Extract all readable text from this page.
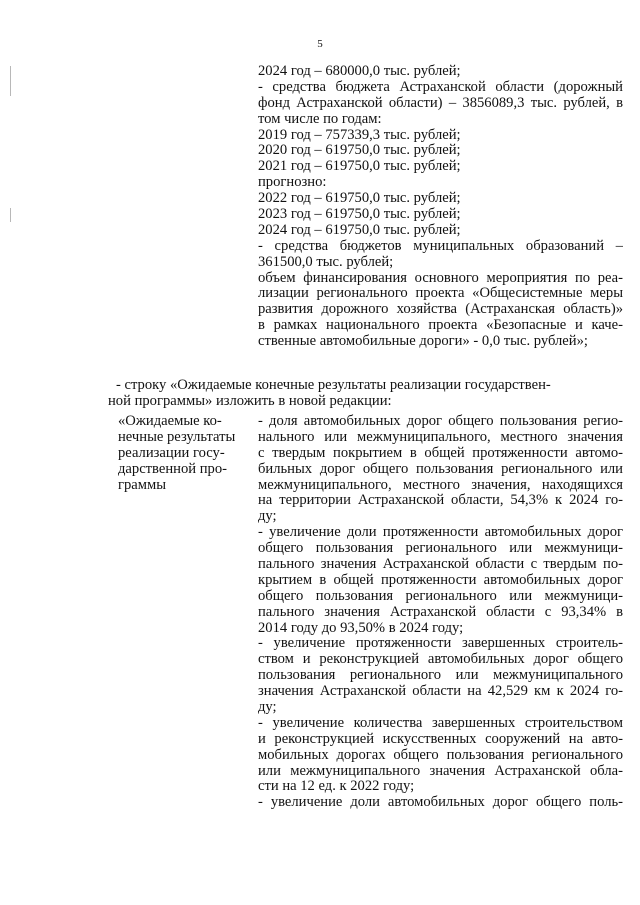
5
2024 год – 680000,0 тыс. рублей;
- средства бюджета Астраханской области (дорожный
фонд Астраханской области) – 3856089,3 тыс. рублей, в
том числе по годам:
2019 год – 757339,3 тыс. рублей;
2020 год – 619750,0 тыс. рублей;
2021 год – 619750,0 тыс. рублей;
прогнозно:
2022 год – 619750,0 тыс. рублей;
2023 год – 619750,0 тыс. рублей;
2024 год – 619750,0 тыс. рублей;
- средства бюджетов муниципальных образований –
361500,0 тыс. рублей;
объем финансирования основного мероприятия по реа-
лизации регионального проекта «Общесистемные меры
развития дорожного хозяйства (Астраханская область)»
в рамках национального проекта «Безопасные и каче-
ственные автомобильные дороги» - 0,0 тыс. рублей»;
- строку «Ожидаемые конечные результаты реализации государствен-
ной программы» изложить в новой редакции:
«Ожидаемые ко-
нечные результаты
реализации госу-
дарственной про-
граммы
- доля автомобильных дорог общего пользования регио-
нального или межмуниципального, местного значения
с твердым покрытием в общей протяженности автомо-
бильных дорог общего пользования регионального или
межмуниципального, местного значения, находящихся
на территории Астраханской области, 54,3% к 2024 го-
ду;
- увеличение доли протяженности автомобильных дорог
общего пользования регионального или межмуници-
пального значения Астраханской области с твердым по-
крытием в общей протяженности автомобильных дорог
общего пользования регионального или межмуници-
пального значения Астраханской области с 93,34% в
2014 году до 93,50% в 2024 году;
- увеличение протяженности завершенных строитель-
ством и реконструкцией автомобильных дорог общего
пользования регионального или межмуниципального
значения Астраханской области на 42,529 км к 2024 го-
ду;
- увеличение количества завершенных строительством
и реконструкцией искусственных сооружений на авто-
мобильных дорогах общего пользования регионального
или межмуниципального значения Астраханской обла-
сти на 12 ед. к 2022 году;
- увеличение доли автомобильных дорог общего поль-
